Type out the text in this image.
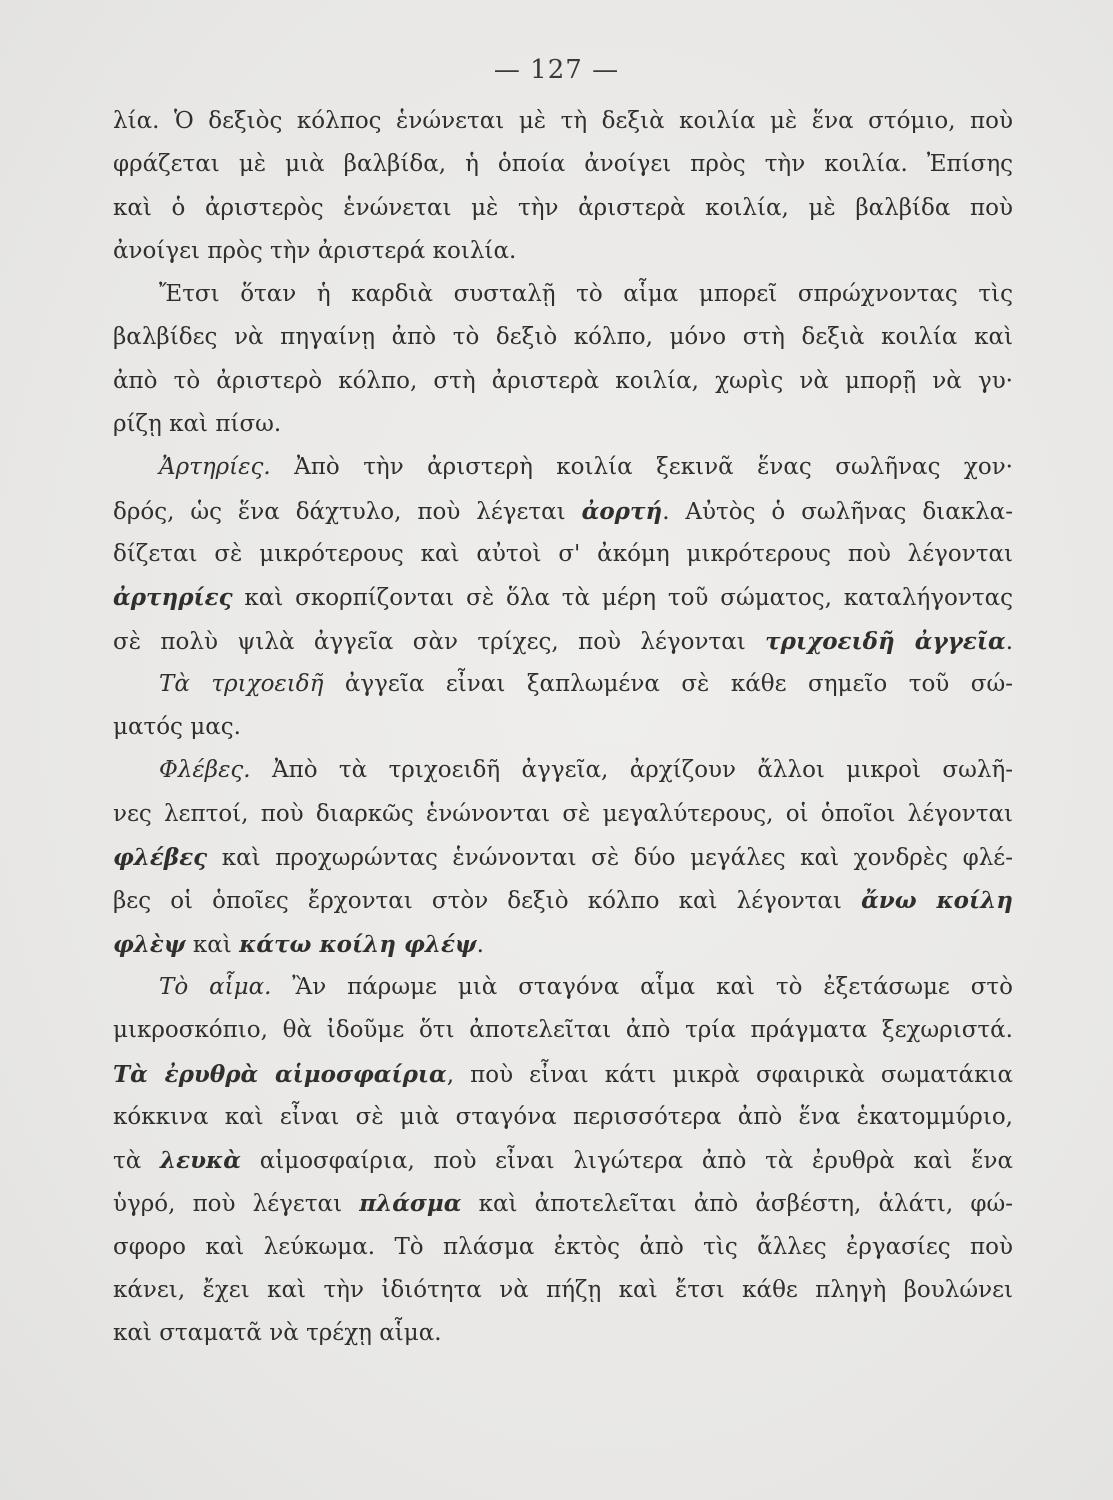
— 127 —
λία. Ὁ δεξιὸς κόλπος ἑνώνεται μὲ τὴ δεξιὰ κοιλία μὲ ἕνα στόμιο, ποὺ
φράζεται μὲ μιὰ βαλβίδα, ἡ ὁποία ἀνοίγει πρὸς τὴν κοιλία. Ἐπίσης
καὶ ὁ ἀριστερὸς ἑνώνεται μὲ τὴν ἀριστερὰ κοιλία, μὲ βαλβίδα ποὺ
ἀνοίγει πρὸς τὴν ἀριστερά κοιλία.
Ἔτσι ὅταν ἡ καρδιὰ συσταλῇ τὸ αἷμα μπορεῖ σπρώχνοντας τὶς
βαλβίδες νὰ πηγαίνῃ ἀπὸ τὸ δεξιὸ κόλπο, μόνο στὴ δεξιὰ κοιλία καὶ
ἀπὸ τὸ ἀριστερὸ κόλπο, στὴ ἀριστερὰ κοιλία, χωρὶς νὰ μπορῇ νὰ γυ·
ρίζῃ καὶ πίσω.
Ἀρτηρίες. Ἀπὸ τὴν ἀριστερὴ κοιλία ξεκινᾶ ἕνας σωλῆνας χον·
δρός, ὡς ἕνα δάχτυλο, ποὺ λέγεται ἀορτή. Αὐτὸς ὁ σωλῆνας διακλα-
δίζεται σὲ μικρότερους καὶ αὐτοὶ σ' ἀκόμη μικρότερους ποὺ λέγονται
ἀρτηρίες καὶ σκορπίζονται σὲ ὅλα τὰ μέρη τοῦ σώματος, καταλήγοντας
σὲ πολὺ ψιλὰ ἀγγεῖα σὰν τρίχες, ποὺ λέγονται τριχοειδῆ ἀγγεῖα.
Τὰ τριχοειδῆ ἀγγεῖα εἶναι ξαπλωμένα σὲ κάθε σημεῖο τοῦ σώ-
ματός μας.
Φλέβες. Ἀπὸ τὰ τριχοειδῆ ἀγγεῖα, ἀρχίζουν ἄλλοι μικροὶ σωλῆ-
νες λεπτοί, ποὺ διαρκῶς ἑνώνονται σὲ μεγαλύτερους, οἱ ὁποῖοι λέγονται
φλέβες καὶ προχωρώντας ἑνώνονται σὲ δύο μεγάλες καὶ χονδρὲς φλέ-
βες οἱ ὁποῖες ἔρχονται στὸν δεξιὸ κόλπο καὶ λέγονται ἄνω κοίλη
φλὲψ καὶ κάτω κοίλη φλέψ.
Τὸ αἷμα. Ἂν πάρωμε μιὰ σταγόνα αἷμα καὶ τὸ ἐξετάσωμε στὸ
μικροσκόπιο, θὰ ἰδοῦμε ὅτι ἀποτελεῖται ἀπὸ τρία πράγματα ξεχωριστά.
Τὰ ἐρυθρὰ αἱμοσφαίρια, ποὺ εἶναι κάτι μικρὰ σφαιρικὰ σωματάκια
κόκκινα καὶ εἶναι σὲ μιὰ σταγόνα περισσότερα ἀπὸ ἕνα ἑκατομμύριο,
τὰ λευκὰ αἱμοσφαίρια, ποὺ εἶναι λιγώτερα ἀπὸ τὰ ἐρυθρὰ καὶ ἕνα
ὑγρό, ποὺ λέγεται πλάσμα καὶ ἀποτελεῖται ἀπὸ ἀσβέστη, ἁλάτι, φώ-
σφορο καὶ λεύκωμα. Τὸ πλάσμα ἐκτὸς ἀπὸ τὶς ἄλλες ἐργασίες ποὺ
κάνει, ἔχει καὶ τὴν ἰδιότητα νὰ πήζῃ καὶ ἔτσι κάθε πληγὴ βουλώνει
καὶ σταματᾶ νὰ τρέχῃ αἷμα.
